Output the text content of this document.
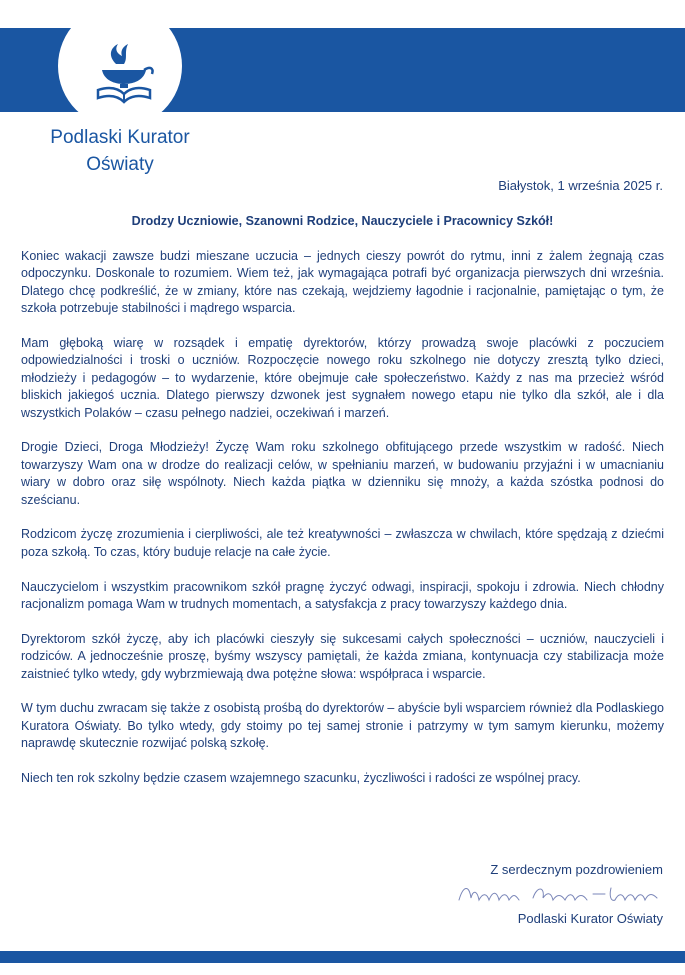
Podlaski Kurator
Oświaty
Białystok, 1 września 2025 r.
Drodzy Uczniowie, Szanowni Rodzice, Nauczyciele i Pracownicy Szkół!

Koniec wakacji zawsze budzi mieszane uczucia – jednych cieszy powrót do rytmu, inni z żalem żegnają czas odpoczynku. Doskonale to rozumiem. Wiem też, jak wymagająca potrafi być organizacja pierwszych dni września. Dlatego chcę podkreślić, że w zmiany, które nas czekają, wejdziemy łagodnie i racjonalnie, pamiętając o tym, że szkoła potrzebuje stabilności i mądrego wsparcia.

Mam głęboką wiarę w rozsądek i empatię dyrektorów, którzy prowadzą swoje placówki z poczuciem odpowiedzialności i troski o uczniów. Rozpoczęcie nowego roku szkolnego nie dotyczy zresztą tylko dzieci, młodzieży i pedagogów – to wydarzenie, które obejmuje całe społeczeństwo. Każdy z nas ma przecież wśród bliskich jakiegoś ucznia. Dlatego pierwszy dzwonek jest sygnałem nowego etapu nie tylko dla szkół, ale i dla wszystkich Polaków – czasu pełnego nadziei, oczekiwań i marzeń.

Drogie Dzieci, Droga Młodzieży! Życzę Wam roku szkolnego obfitującego przede wszystkim w radość. Niech towarzyszy Wam ona w drodze do realizacji celów, w spełnianiu marzeń, w budowaniu przyjaźni i w umacnianiu wiary w dobro oraz siłę wspólnoty. Niech każda piątka w dzienniku się mnoży, a każda szóstka podnosi do sześcianu.

Rodzicom życzę zrozumienia i cierpliwości, ale też kreatywności – zwłaszcza w chwilach, które spędzają z dziećmi poza szkołą. To czas, który buduje relacje na całe życie.

Nauczycielom i wszystkim pracownikom szkół pragnę życzyć odwagi, inspiracji, spokoju i zdrowia. Niech chłodny racjonalizm pomaga Wam w trudnych momentach, a satysfakcja z pracy towarzyszy każdego dnia.

Dyrektorom szkół życzę, aby ich placówki cieszyły się sukcesami całych społeczności – uczniów, nauczycieli i rodziców. A jednocześnie proszę, byśmy wszyscy pamiętali, że każda zmiana, kontynuacja czy stabilizacja może zaistnieć tylko wtedy, gdy wybrzmiewają dwa potężne słowa: współpraca i wsparcie.

W tym duchu zwracam się także z osobistą prośbą do dyrektorów – abyście byli wsparciem również dla Podlaskiego Kuratora Oświaty. Bo tylko wtedy, gdy stoimy po tej samej stronie i patrzymy w tym samym kierunku, możemy naprawdę skutecznie rozwijać polską szkołę.

Niech ten rok szkolny będzie czasem wzajemnego szacunku, życzliwości i radości ze wspólnej pracy.

Z serdecznym pozdrowieniem
Podlaski Kurator Oświaty
